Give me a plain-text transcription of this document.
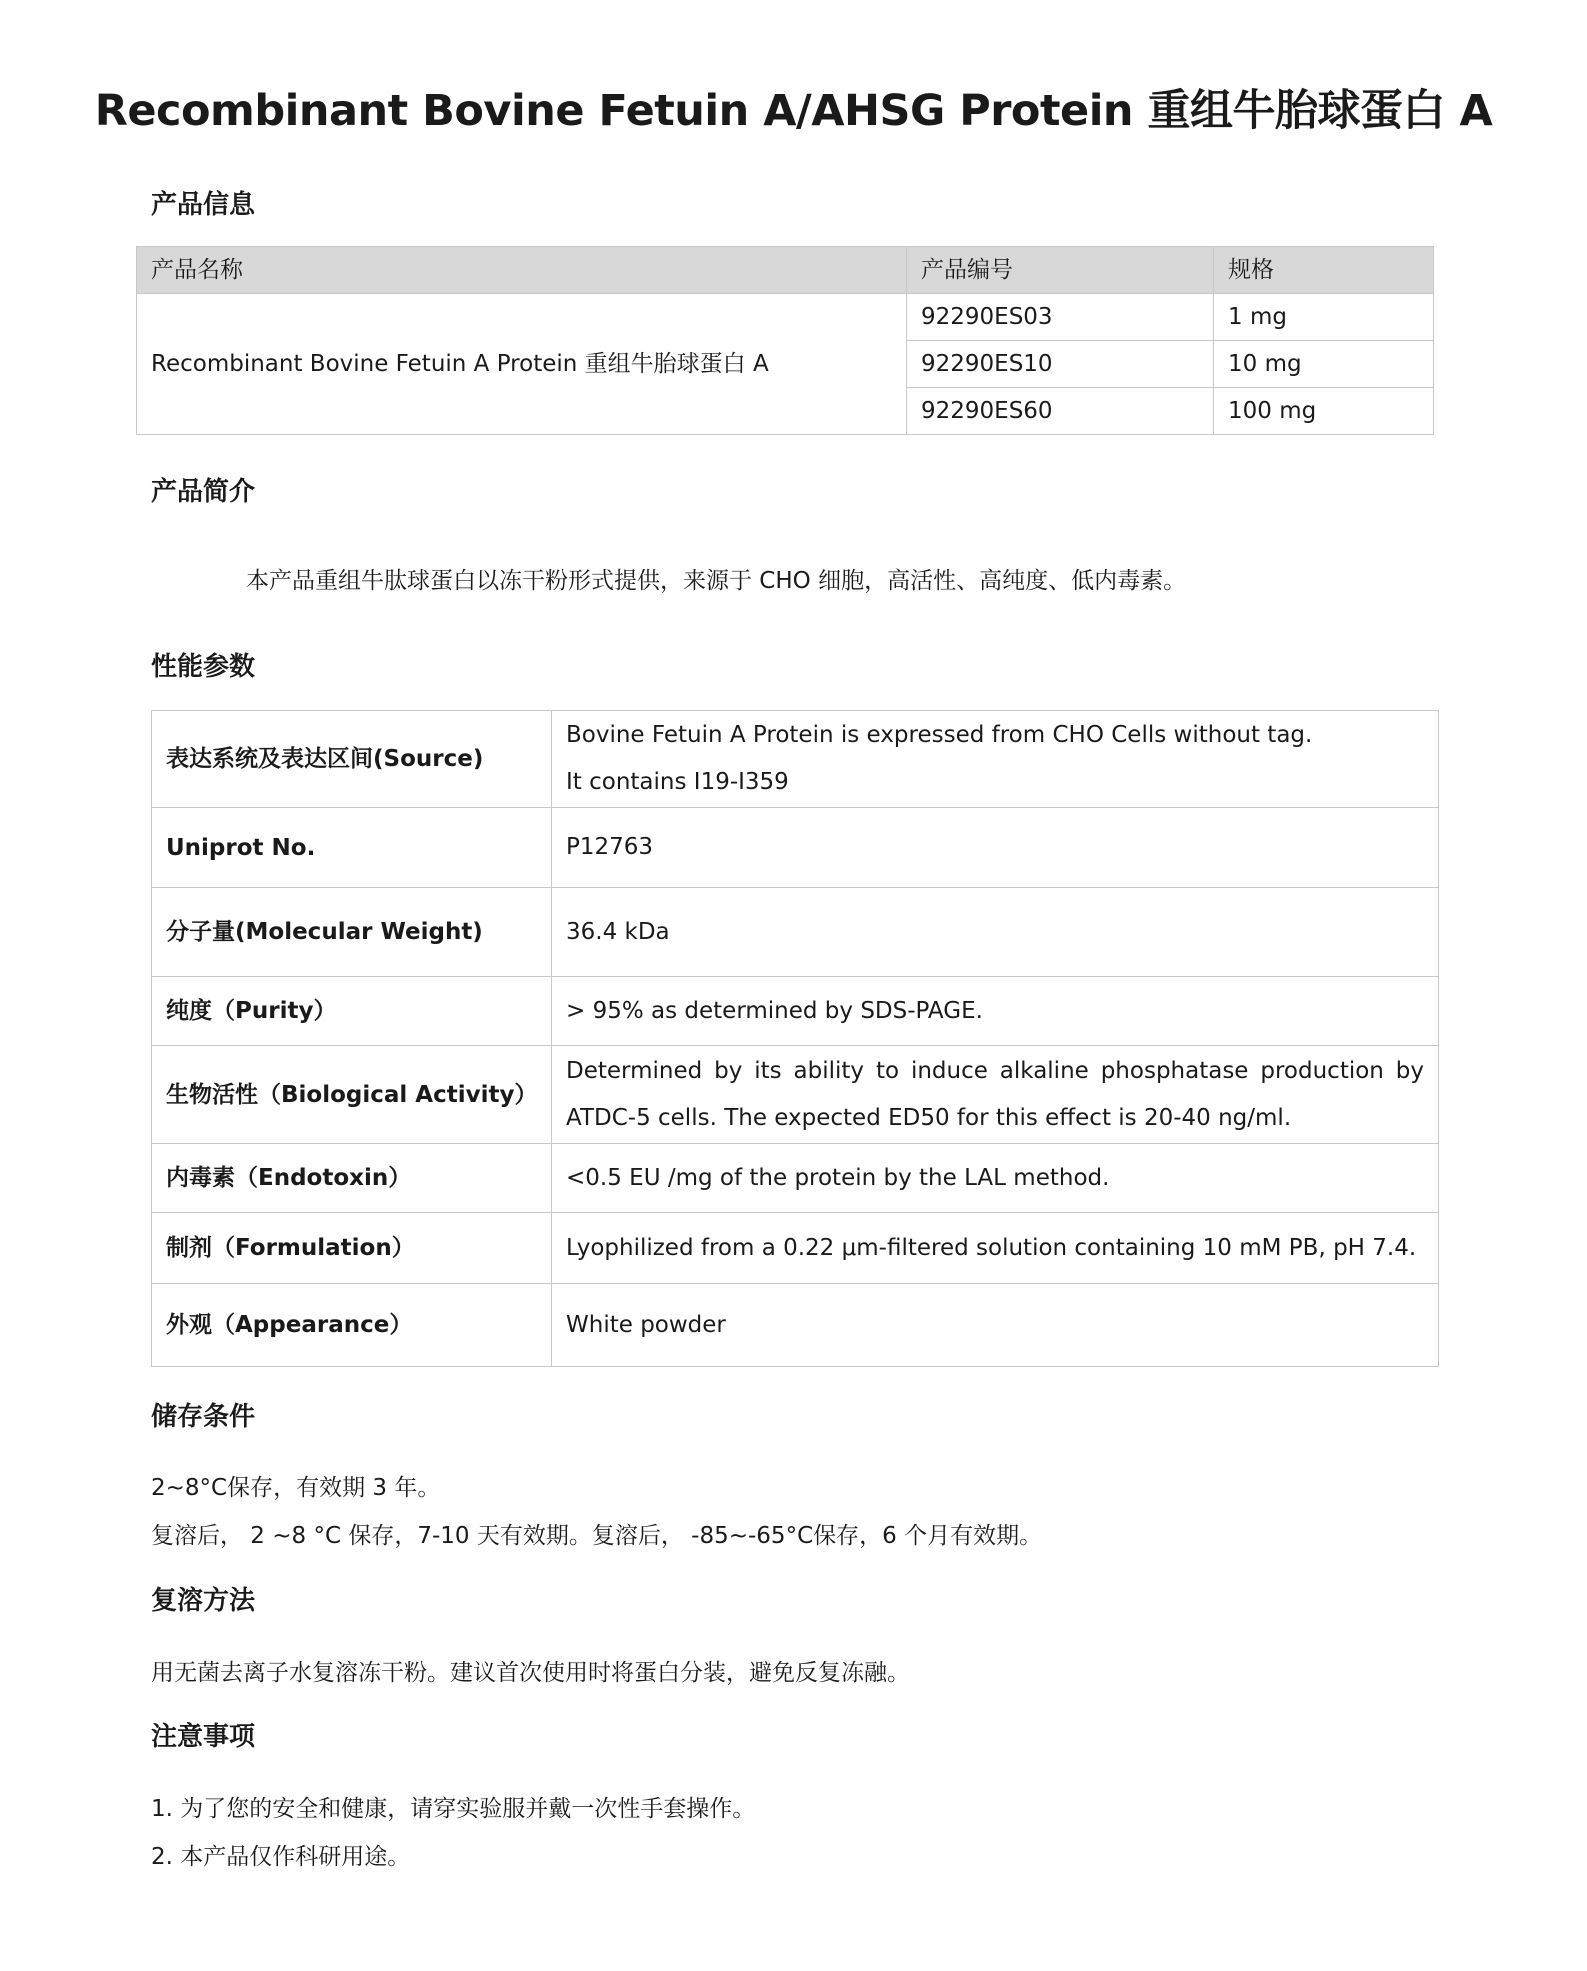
Recombinant Bovine Fetuin A/AHSG Protein 重组牛胎球蛋白 A
产品信息
产品名称	产品编号	规格
Recombinant Bovine Fetuin A Protein 重组牛胎球蛋白 A	92290ES03	1 mg
	92290ES10	10 mg
	92290ES60	100 mg
产品简介
本产品重组牛肽球蛋白以冻干粉形式提供，来源于 CHO 细胞，高活性、高纯度、低内毒素。
性能参数
表达系统及表达区间(Source)	Bovine Fetuin A Protein is expressed from CHO Cells without tag.
It contains I19-I359

Uniprot No.	P12763
分子量(Molecular Weight)	36.4 kDa
纯度（Purity）	> 95% as determined by SDS-PAGE.
生物活性（Biological Activity）	Determined by its ability to induce alkaline phosphatase production by ATDC-5 cells. The expected ED50 for this effect is 20-40 ng/ml.
内毒素（Endotoxin）	<0.5 EU /mg of the protein by the LAL method.
制剂（Formulation）	Lyophilized from a 0.22 μm-filtered solution containing 10 mM PB, pH 7.4.
外观（Appearance）	White powder
储存条件
2~8°C保存，有效期 3 年。
复溶后， 2 ~8 °C 保存，7-10 天有效期。复溶后， -85~-65°C保存，6 个月有效期。
复溶方法
用无菌去离子水复溶冻干粉。建议首次使用时将蛋白分装，避免反复冻融。
注意事项
1. 为了您的安全和健康，请穿实验服并戴一次性手套操作。
2. 本产品仅作科研用途。
